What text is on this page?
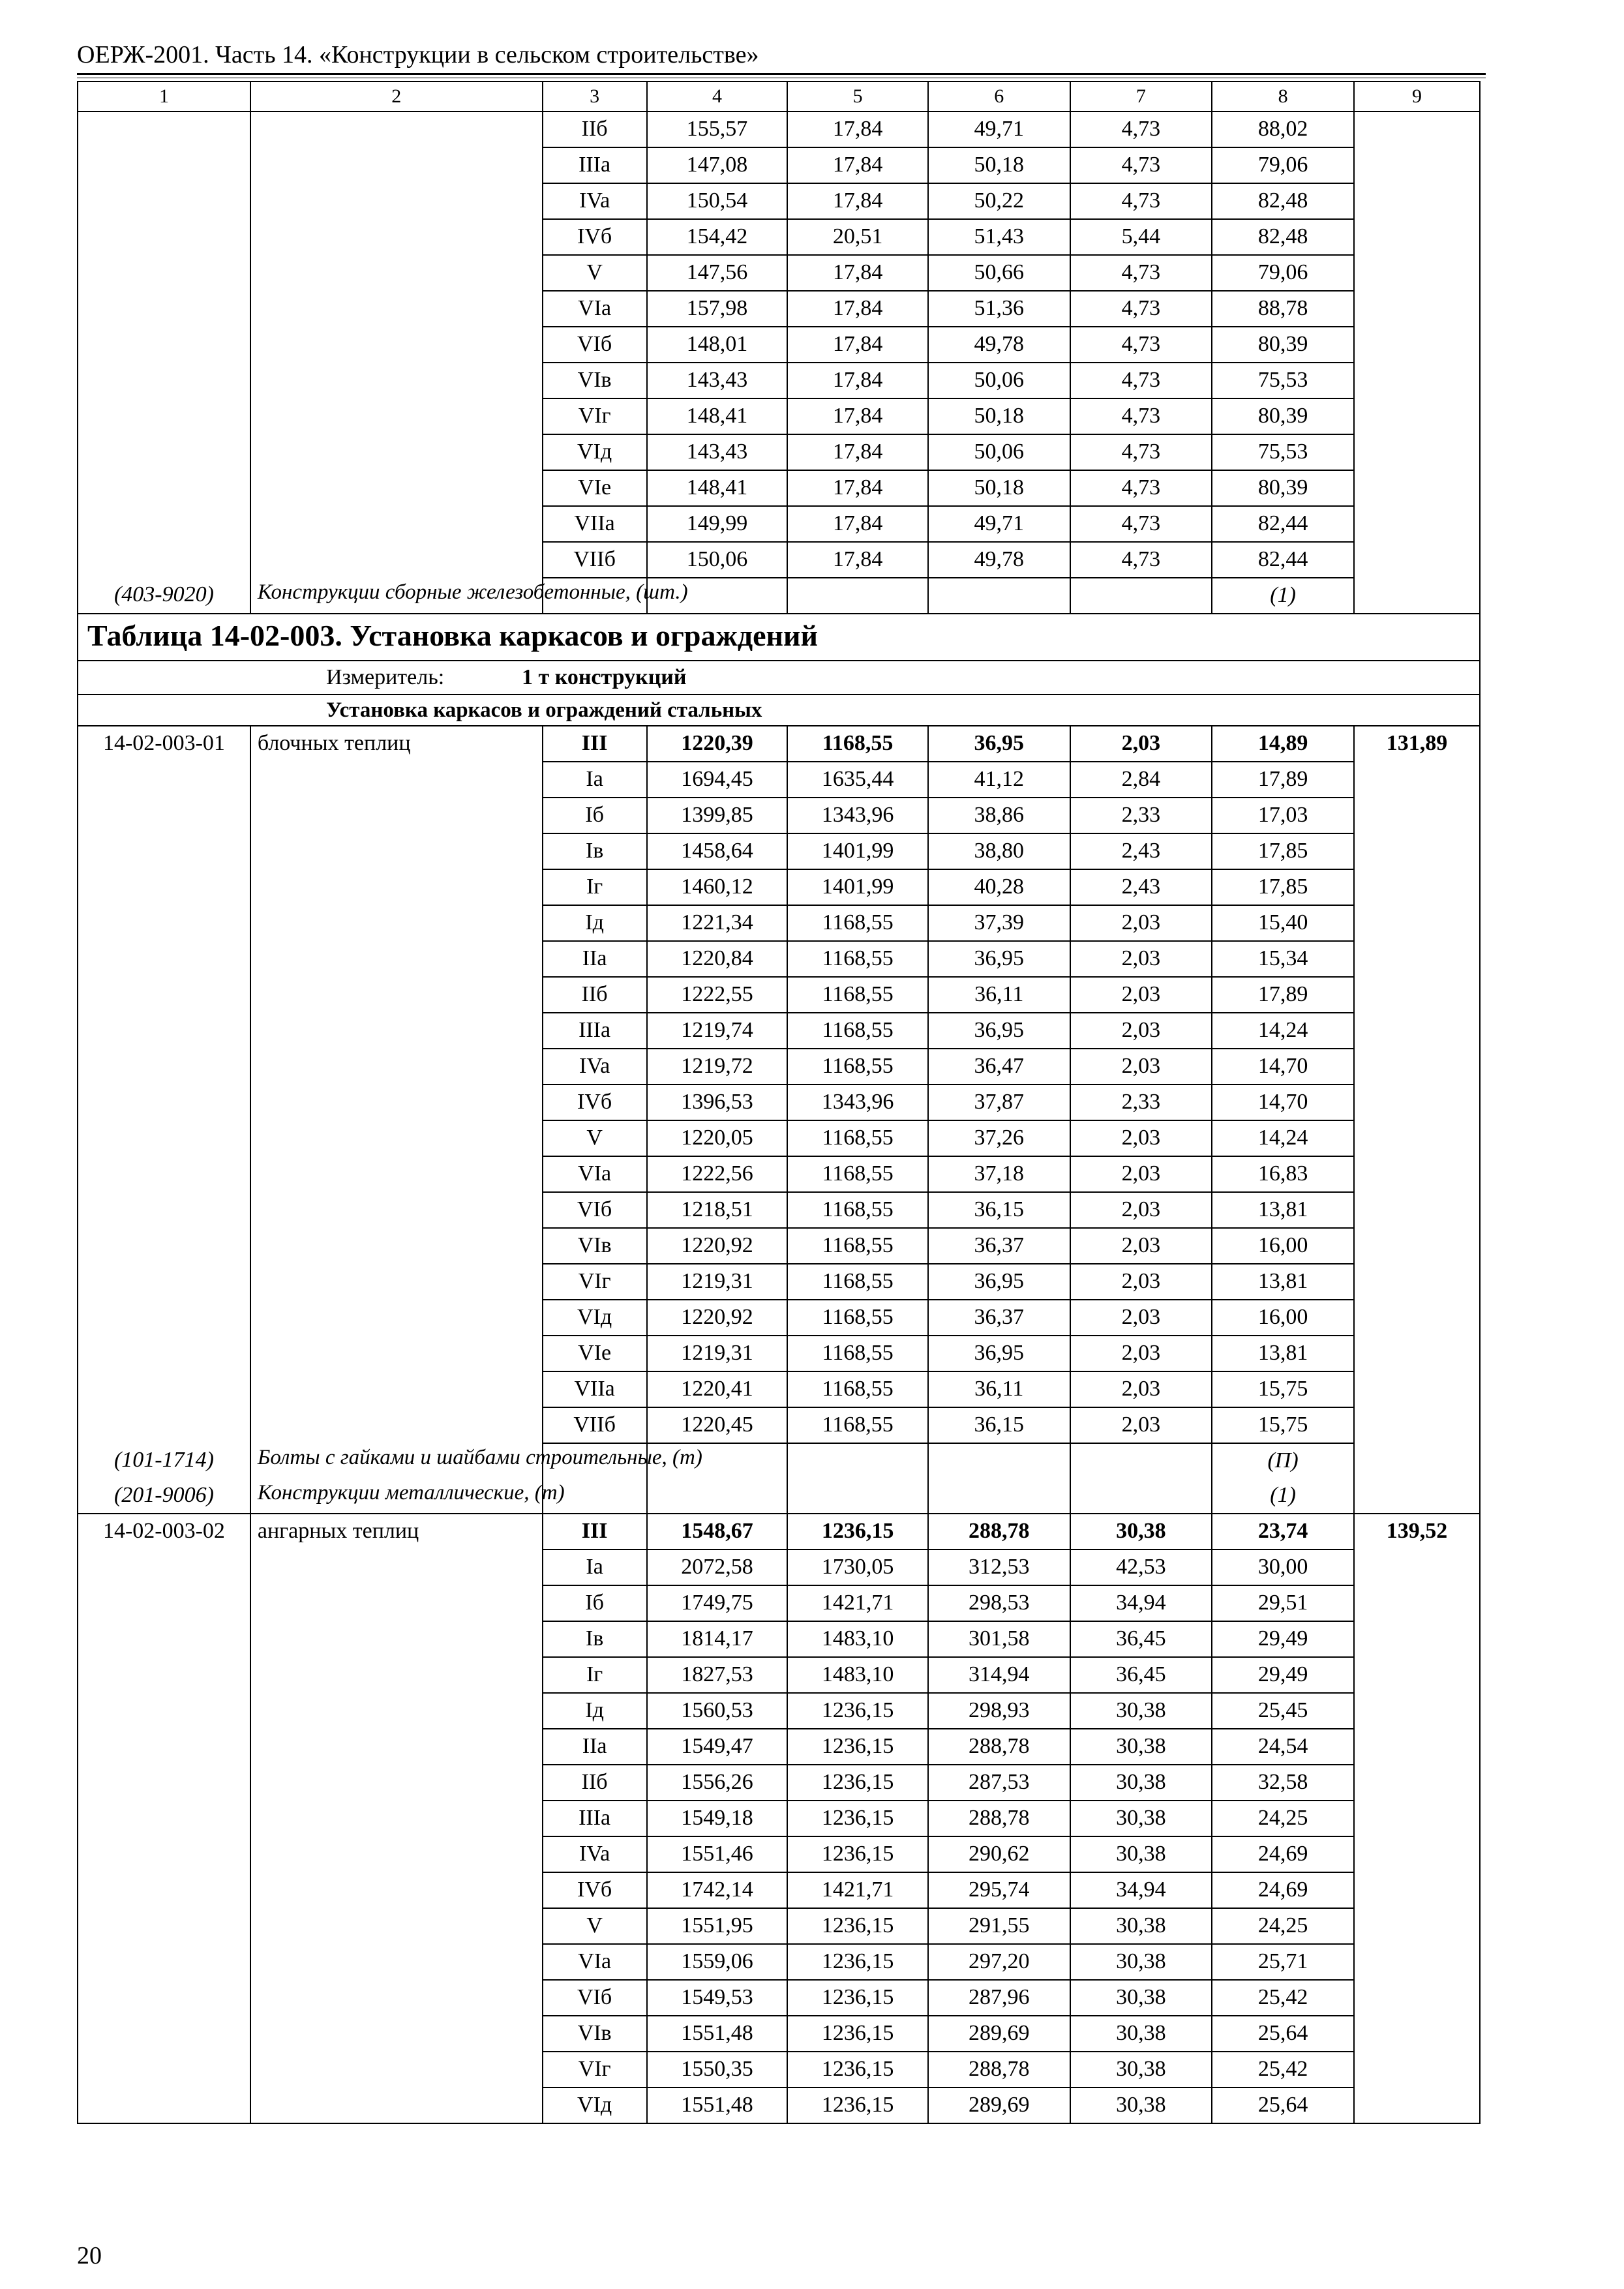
ОЕРЖ-2001. Часть 14. «Конструкции в сельском строительстве»
1	2	3	4	5	6	7	8	9
		IIб	155,57	17,84	49,71	4,73	88,02	
		IIIa	147,08	17,84	50,18	4,73	79,06	
		IVa	150,54	17,84	50,22	4,73	82,48	
		IVб	154,42	20,51	51,43	5,44	82,48	
		V	147,56	17,84	50,66	4,73	79,06	
		VIa	157,98	17,84	51,36	4,73	88,78	
		VIб	148,01	17,84	49,78	4,73	80,39	
		VIв	143,43	17,84	50,06	4,73	75,53	
		VIг	148,41	17,84	50,18	4,73	80,39	
		VIд	143,43	17,84	50,06	4,73	75,53	
		VIe	148,41	17,84	50,18	4,73	80,39	
		VIIa	149,99	17,84	49,71	4,73	82,44	
		VIIб	150,06	17,84	49,78	4,73	82,44	
(403-9020)	Конструкции сборные железобетонные, (шт.)						(1)	
Таблица 14-02-003. Установка каркасов и ограждений								
Измеритель: 1 т конструкций								
Установка каркасов и ограждений стальных								
14-02-003-01	блочных теплиц	III	1220,39	1168,55	36,95	2,03	14,89	131,89
		Ia	1694,45	1635,44	41,12	2,84	17,89	
		Iб	1399,85	1343,96	38,86	2,33	17,03	
		Iв	1458,64	1401,99	38,80	2,43	17,85	
		Iг	1460,12	1401,99	40,28	2,43	17,85	
		Iд	1221,34	1168,55	37,39	2,03	15,40	
		IIa	1220,84	1168,55	36,95	2,03	15,34	
		IIб	1222,55	1168,55	36,11	2,03	17,89	
		IIIa	1219,74	1168,55	36,95	2,03	14,24	
		IVa	1219,72	1168,55	36,47	2,03	14,70	
		IVб	1396,53	1343,96	37,87	2,33	14,70	
		V	1220,05	1168,55	37,26	2,03	14,24	
		VIa	1222,56	1168,55	37,18	2,03	16,83	
		VIб	1218,51	1168,55	36,15	2,03	13,81	
		VIв	1220,92	1168,55	36,37	2,03	16,00	
		VIг	1219,31	1168,55	36,95	2,03	13,81	
		VIд	1220,92	1168,55	36,37	2,03	16,00	
		VIe	1219,31	1168,55	36,95	2,03	13,81	
		VIIa	1220,41	1168,55	36,11	2,03	15,75	
		VIIб	1220,45	1168,55	36,15	2,03	15,75	
(101-1714)	Болты с гайками и шайбами строительные, (т)						(П)	
(201-9006)	Конструкции металлические, (т)						(1)	
14-02-003-02	ангарных теплиц	III	1548,67	1236,15	288,78	30,38	23,74	139,52
		Ia	2072,58	1730,05	312,53	42,53	30,00	
		Iб	1749,75	1421,71	298,53	34,94	29,51	
		Iв	1814,17	1483,10	301,58	36,45	29,49	
		Iг	1827,53	1483,10	314,94	36,45	29,49	
		Iд	1560,53	1236,15	298,93	30,38	25,45	
		IIa	1549,47	1236,15	288,78	30,38	24,54	
		IIб	1556,26	1236,15	287,53	30,38	32,58	
		IIIa	1549,18	1236,15	288,78	30,38	24,25	
		IVa	1551,46	1236,15	290,62	30,38	24,69	
		IVб	1742,14	1421,71	295,74	34,94	24,69	
		V	1551,95	1236,15	291,55	30,38	24,25	
		VIa	1559,06	1236,15	297,20	30,38	25,71	
		VIб	1549,53	1236,15	287,96	30,38	25,42	
		VIв	1551,48	1236,15	289,69	30,38	25,64	
		VIг	1550,35	1236,15	288,78	30,38	25,42	
		VIд	1551,48	1236,15	289,69	30,38	25,64	
20
